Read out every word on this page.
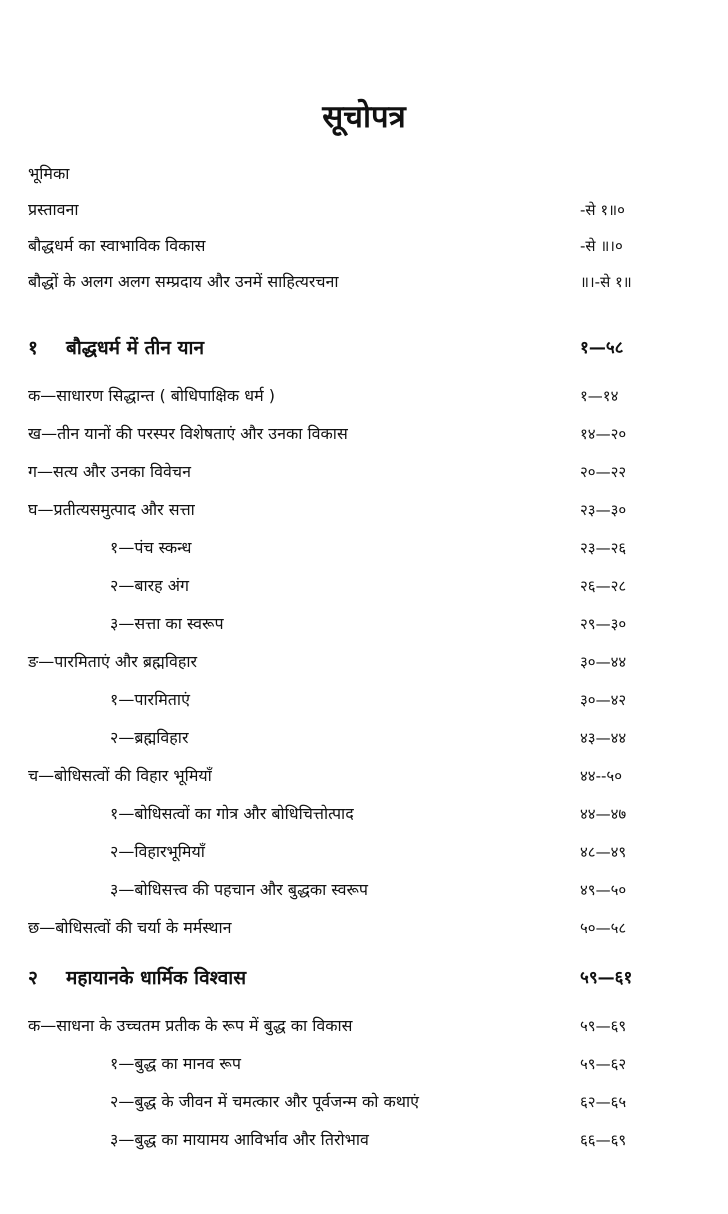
सूचोपत्र
भूमिका
प्रस्तावना	-से १॥०
बौद्धधर्म का स्वाभाविक विकास	-से ॥।०
बौद्धों के अलग अलग सम्प्रदाय और उनमें साहित्यरचना	॥।-से १॥
१ बौद्धधर्म में तीन यान	१—५८
क—साधारण सिद्धान्त ( बोधिपाक्षिक धर्म )	१—१४
ख—तीन यानों की परस्पर विशेषताएं और उनका विकास	१४—२०
ग—सत्य और उनका विवेचन	२०—२२
घ—प्रतीत्यसमुत्पाद और सत्ता	२३—३०
१—पंच स्कन्ध	२३—२६
२—बारह अंग	२६—२८
३—सत्ता का स्वरूप	२९—३०
ङ—पारमिताएं और ब्रह्मविहार	३०—४४
१—पारमिताएं	३०—४२
२—ब्रह्मविहार	४३—४४
च—बोधिसत्वों की विहार भूमियाँ	४४--५०
१—बोधिसत्वों का गोत्र और बोधिचित्तोत्पाद	४४—४७
२—विहारभूमियाँ	४८—४९
३—बोधिसत्त्व की पहचान और बुद्धका स्वरूप	४९—५०
छ—बोधिसत्वों की चर्या के मर्मस्थान	५०—५८
२ महायानके धार्मिक विश्वास	५९—६१
क—साधना के उच्चतम प्रतीक के रूप में बुद्ध का विकास	५९—६९
१—बुद्ध का मानव रूप	५९—६२
२—बुद्ध के जीवन में चमत्कार और पूर्वजन्म को कथाएं	६२—६५
३—बुद्ध का मायामय आविर्भाव और तिरोभाव	६६—६९
